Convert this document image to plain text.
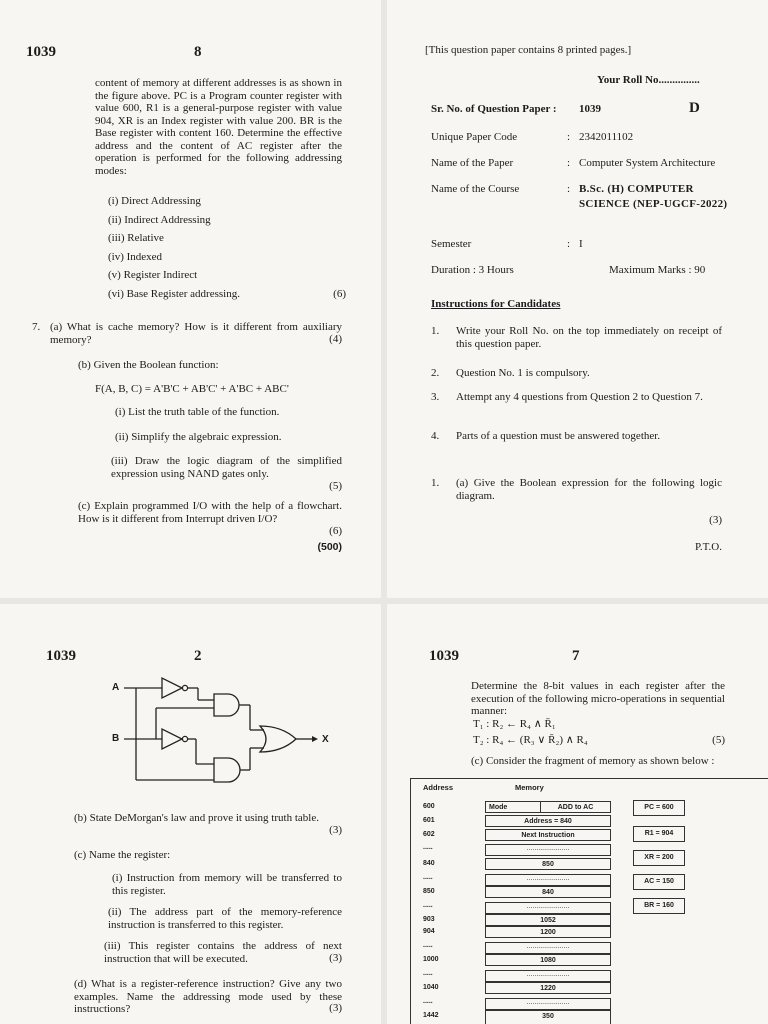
1039	8
content of memory at different addresses is as shown in the figure above. PC is a Program counter register with value 600, R1 is a general-purpose register with value 904, XR is an Index register with value 200. BR is the Base register with content 160. Determine the effective address and the content of AC register after the operation is performed for the following addressing modes:
(i) Direct Addressing
(ii) Indirect Addressing
(iii) Relative
(iv) Indexed
(v) Register Indirect
(vi) Base Register addressing.	(6)
7. (a) What is cache memory? How is it different from auxiliary memory?	(4)
(b) Given the Boolean function:
F(A, B, C) = A'B'C + AB'C' + A'BC + ABC'
(i) List the truth table of the function.
(ii) Simplify the algebraic expression.
(iii) Draw the logic diagram of the simplified expression using NAND gates only.
(5)
(c) Explain programmed I/O with the help of a flowchart. How is it different from Interrupt driven I/O?
(6)
(500)
[This question paper contains 8 printed pages.]
Your Roll No...............
Sr. No. of Question Paper : 1039	D
Unique Paper Code	: 2342011102
Name of the Paper	: Computer System Architecture
Name of the Course	: B.Sc. (H) COMPUTER SCIENCE (NEP-UGCF-2022)
Semester	: I
Duration : 3 Hours	Maximum Marks : 90
Instructions for Candidates
1. Write your Roll No. on the top immediately on receipt of this question paper.
2. Question No. 1 is compulsory.
3. Attempt any 4 questions from Question 2 to Question 7.
4. Parts of a question must be answered together.
1. (a) Give the Boolean expression for the following logic diagram.
(3)
P.T.O.
1039	2
A
B	X
(b) State DeMorgan's law and prove it using truth table.
(3)
(c) Name the register:
(i) Instruction from memory will be transferred to this register.
(ii) The address part of the memory-reference instruction is transferred to this register.
(iii) This register contains the address of next instruction that will be executed.	(3)
(d) What is a register-reference instruction? Give any two examples. Name the addressing mode used by these instructions?	(3)
1039	7
Determine the 8-bit values in each register after the execution of the following micro-operations in sequential manner:
T₁ : R₂ ← R₄ ∧ R̄₁
T₂ : R₄ ← (R₃ ∨ R̄₂) ∧ R₄	(5)
(c) Consider the fragment of memory as shown below :
Address	Memory
600	Mode	ADD to AC
601	Address = 840
602	Next Instruction
.....	......................
840	850
.....	......................
850	840
.....	......................
903	1052
904	1200
.....	......................
1000	1080
.....	......................
1040	1220
.....	......................
1442	350
PC = 600
R1 = 904
XR = 200
AC = 150
BR = 160
